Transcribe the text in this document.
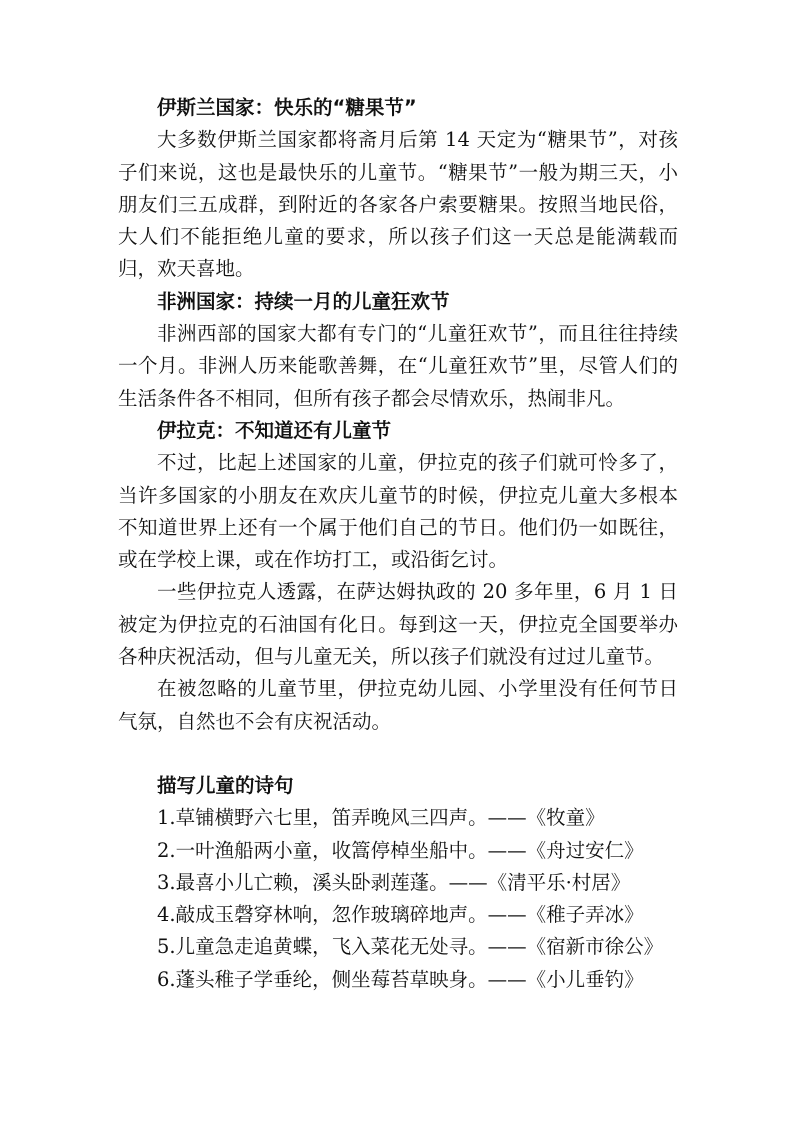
伊斯兰国家：快乐的“糖果节”

大多数伊斯兰国家都将斋月后第 14 天定为“糖果节”，对孩子们来说，这也是最快乐的儿童节。“糖果节”一般为期三天，小朋友们三五成群，到附近的各家各户索要糖果。按照当地民俗，大人们不能拒绝儿童的要求，所以孩子们这一天总是能满载而归，欢天喜地。

非洲国家：持续一月的儿童狂欢节

非洲西部的国家大都有专门的“儿童狂欢节”，而且往往持续一个月。非洲人历来能歌善舞，在“儿童狂欢节”里，尽管人们的生活条件各不相同，但所有孩子都会尽情欢乐，热闹非凡。

伊拉克：不知道还有儿童节

不过，比起上述国家的儿童，伊拉克的孩子们就可怜多了，当许多国家的小朋友在欢庆儿童节的时候，伊拉克儿童大多根本不知道世界上还有一个属于他们自己的节日。他们仍一如既往，或在学校上课，或在作坊打工，或沿街乞讨。

一些伊拉克人透露，在萨达姆执政的 20 多年里，6 月 1 日被定为伊拉克的石油国有化日。每到这一天，伊拉克全国要举办各种庆祝活动，但与儿童无关，所以孩子们就没有过过儿童节。

在被忽略的儿童节里，伊拉克幼儿园、小学里没有任何节日气氛，自然也不会有庆祝活动。

描写儿童的诗句

1.草铺横野六七里，笛弄晚风三四声。——《牧童》

2.一叶渔船两小童，收篙停棹坐船中。——《舟过安仁》

3.最喜小儿亡赖，溪头卧剥莲蓬。——《清平乐·村居》

4.敲成玉磬穿林响，忽作玻璃碎地声。——《稚子弄冰》

5.儿童急走追黄蝶，飞入菜花无处寻。——《宿新市徐公》

6.蓬头稚子学垂纶，侧坐莓苔草映身。——《小儿垂钓》
